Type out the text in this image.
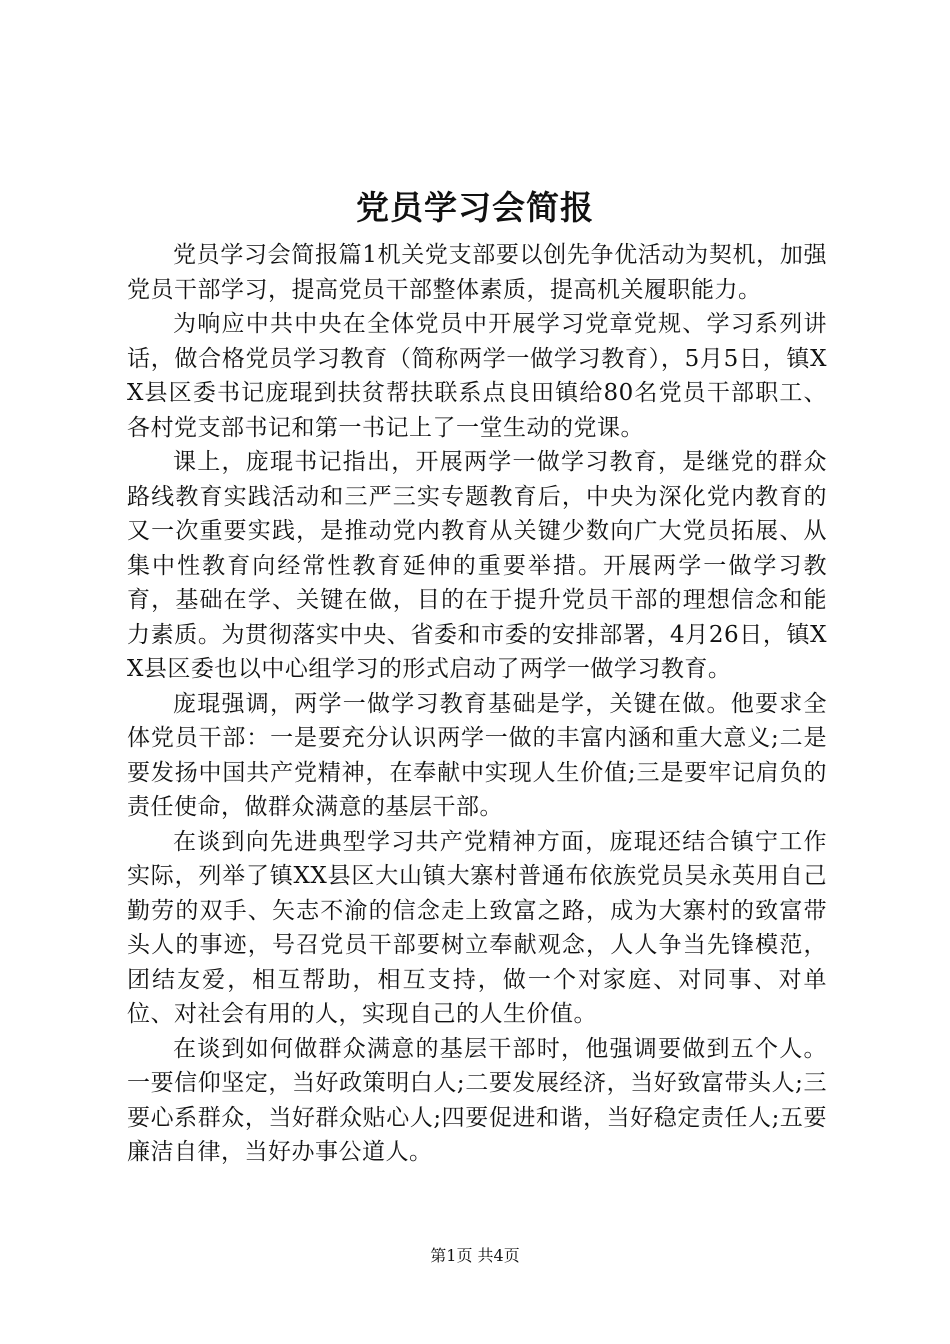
党员学习会简报

党员学习会简报篇1机关党支部要以创先争优活动为契机，加强党员干部学习，提高党员干部整体素质，提高机关履职能力。

为响应中共中央在全体党员中开展学习党章党规、学习系列讲话，做合格党员学习教育（简称两学一做学习教育），5月5日，镇XX县区委书记庞琨到扶贫帮扶联系点良田镇给80名党员干部职工、各村党支部书记和第一书记上了一堂生动的党课。

课上，庞琨书记指出，开展两学一做学习教育，是继党的群众路线教育实践活动和三严三实专题教育后，中央为深化党内教育的又一次重要实践，是推动党内教育从关键少数向广大党员拓展、从集中性教育向经常性教育延伸的重要举措。开展两学一做学习教育，基础在学、关键在做，目的在于提升党员干部的理想信念和能力素质。为贯彻落实中央、省委和市委的安排部署，4月26日，镇XX县区委也以中心组学习的形式启动了两学一做学习教育。

庞琨强调，两学一做学习教育基础是学，关键在做。他要求全体党员干部：一是要充分认识两学一做的丰富内涵和重大意义;二是要发扬中国共产党精神，在奉献中实现人生价值;三是要牢记肩负的责任使命，做群众满意的基层干部。

在谈到向先进典型学习共产党精神方面，庞琨还结合镇宁工作实际，列举了镇XX县区大山镇大寨村普通布依族党员吴永英用自己勤劳的双手、矢志不渝的信念走上致富之路，成为大寨村的致富带头人的事迹，号召党员干部要树立奉献观念，人人争当先锋模范，团结友爱，相互帮助，相互支持，做一个对家庭、对同事、对单位、对社会有用的人，实现自己的人生价值。

在谈到如何做群众满意的基层干部时，他强调要做到五个人。一要信仰坚定，当好政策明白人;二要发展经济，当好致富带头人;三要心系群众，当好群众贴心人;四要促进和谐，当好稳定责任人;五要廉洁自律，当好办事公道人。

第1页 共4页
